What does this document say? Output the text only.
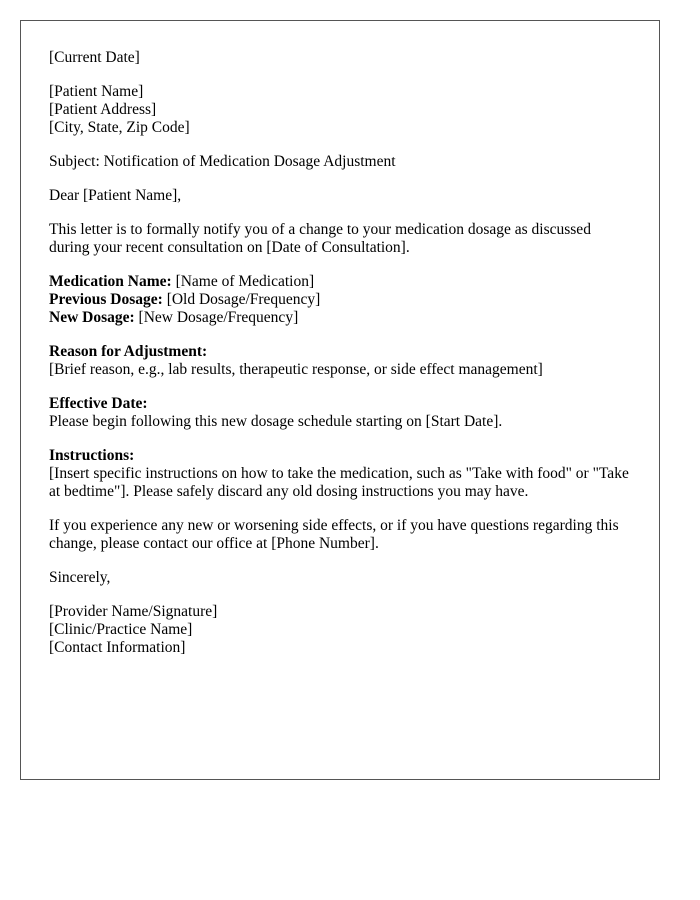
[Current Date]
[Patient Name]
[Patient Address]
[City, State, Zip Code]
Subject: Notification of Medication Dosage Adjustment
Dear [Patient Name],
This letter is to formally notify you of a change to your medication dosage as discussed during your recent consultation on [Date of Consultation].
Medication Name: [Name of Medication]
Previous Dosage: [Old Dosage/Frequency]
New Dosage: [New Dosage/Frequency]
Reason for Adjustment:
[Brief reason, e.g., lab results, therapeutic response, or side effect management]
Effective Date:
Please begin following this new dosage schedule starting on [Start Date].
Instructions:
[Insert specific instructions on how to take the medication, such as "Take with food" or "Take at bedtime"]. Please safely discard any old dosing instructions you may have.
If you experience any new or worsening side effects, or if you have questions regarding this change, please contact our office at [Phone Number].
Sincerely,
[Provider Name/Signature]
[Clinic/Practice Name]
[Contact Information]
